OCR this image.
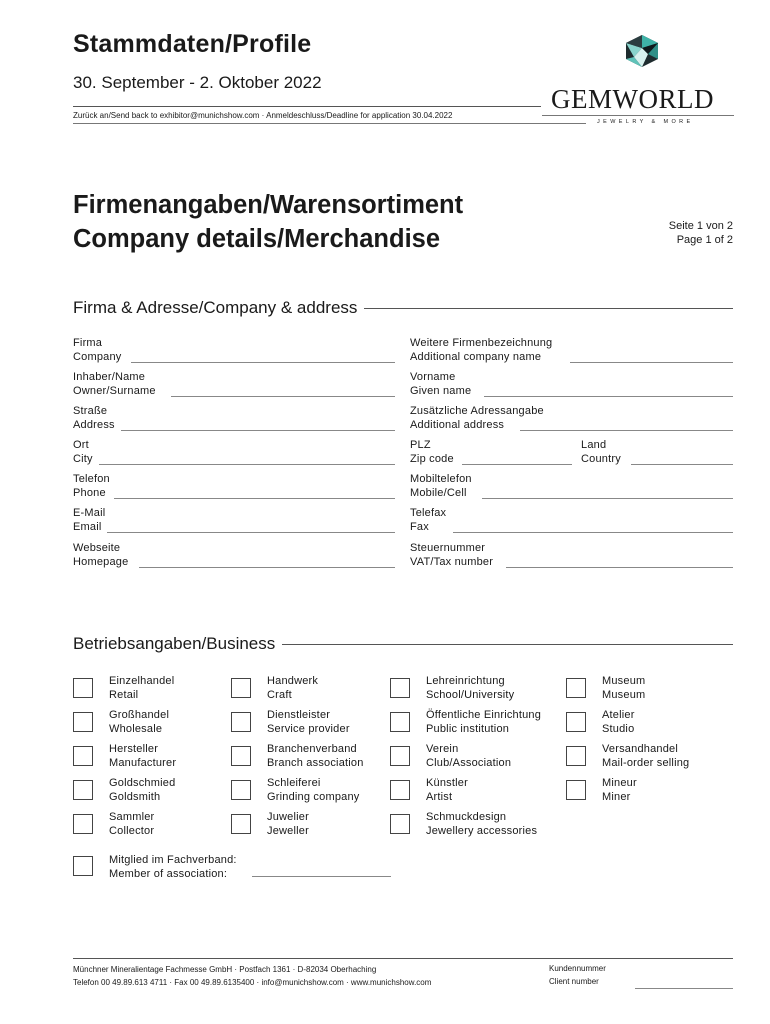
Stammdaten/Profile
30. September - 2. Oktober 2022
Zurück an/Send back to exhibitor@munichshow.com · Anmeldeschluss/Deadline for application 30.04.2022
GEMWORLD
JEWELRY & MORE
Firmenangaben/Warensortiment
Company details/Merchandise	Seite 1 von 2
Page 1 of 2
Firma & Adresse/Company & address
Firma
Company
Weitere Firmenbezeichnung
Additional company name
Inhaber/Name
Owner/Surname
Vorname
Given name
Straße
Address
Zusätzliche Adressangabe
Additional address
Ort
City
PLZ
Zip code
Land
Country
Telefon
Phone
Mobiltelefon
Mobile/Cell
E-Mail
Email
Telefax
Fax
Webseite
Homepage
Steuernummer
VAT/Tax number
Betriebsangaben/Business
Einzelhandel
Retail
Handwerk
Craft
Lehreinrichtung
School/University
Museum
Museum
Großhandel
Wholesale
Dienstleister
Service provider
Öffentliche Einrichtung
Public institution
Atelier
Studio
Hersteller
Manufacturer
Branchenverband
Branch association
Verein
Club/Association
Versandhandel
Mail-order selling
Goldschmied
Goldsmith
Schleiferei
Grinding company
Künstler
Artist
Mineur
Miner
Sammler
Collector
Juwelier
Jeweller
Schmuckdesign
Jewellery accessories
Mitglied im Fachverband:
Member of association:
Münchner Mineralientage Fachmesse GmbH · Postfach 1361 · D-82034 Oberhaching
Telefon 00 49.89.613 4711 · Fax 00 49.89.6135400 · info@munichshow.com · www.munichshow.com
Kundennummer
Client number
